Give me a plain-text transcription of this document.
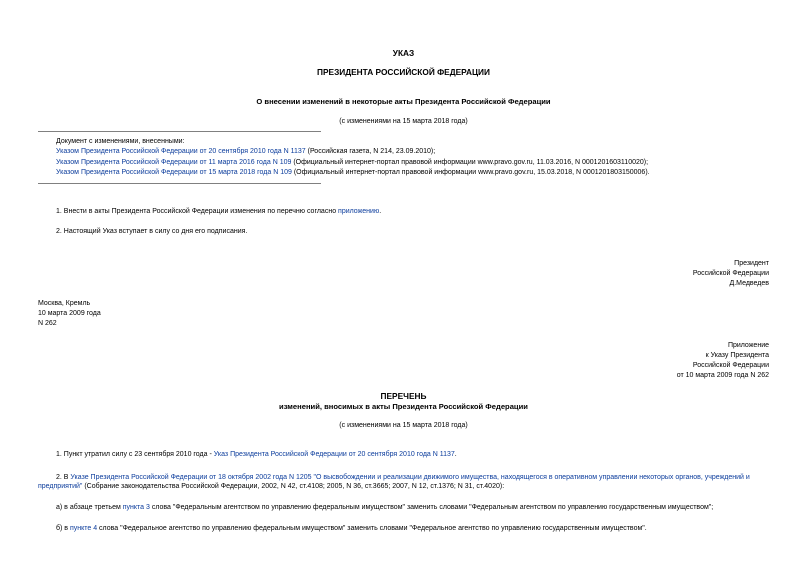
УКАЗ
ПРЕЗИДЕНТА РОССИЙСКОЙ ФЕДЕРАЦИИ
О внесении изменений в некоторые акты Президента Российской Федерации
(с изменениями на 15 марта 2018 года)
Документ с изменениями, внесенными:
Указом Президента Российской Федерации от 20 сентября 2010 года N 1137 (Российская газета, N 214, 23.09.2010);
Указом Президента Российской Федерации от 11 марта 2016 года N 109 (Официальный интернет-портал правовой информации www.pravo.gov.ru, 11.03.2016, N 0001201603110020);
Указом Президента Российской Федерации от 15 марта 2018 года N 109 (Официальный интернет-портал правовой информации www.pravo.gov.ru, 15.03.2018, N 0001201803150006).
1. Внести в акты Президента Российской Федерации изменения по перечню согласно приложению.
2. Настоящий Указ вступает в силу со дня его подписания.
Президент
Российской Федерации
Д.Медведев
Москва, Кремль
10 марта 2009 года
N 262
Приложение
к Указу Президента
Российской Федерации
от 10 марта 2009 года N 262
ПЕРЕЧЕНЬ
изменений, вносимых в акты Президента Российской Федерации
(с изменениями на 15 марта 2018 года)
1. Пункт утратил силу с 23 сентября 2010 года - Указ Президента Российской Федерации от 20 сентября 2010 года N 1137.
2. В Указе Президента Российской Федерации от 18 октября 2002 года N 1205 "О высвобождении и реализации движимого имущества, находящегося в оперативном управлении некоторых органов, учреждений и предприятий" (Собрание законодательства Российской Федерации, 2002, N 42, ст.4108; 2005, N 36, ст.3665; 2007, N 12, ст.1376; N 31, ст.4020):
а) в абзаце третьем пункта 3 слова "Федеральным агентством по управлению федеральным имуществом" заменить словами "Федеральным агентством по управлению государственным имуществом";
б) в пункте 4 слова "Федеральное агентство по управлению федеральным имуществом" заменить словами "Федеральное агентство по управлению государственным имуществом".
